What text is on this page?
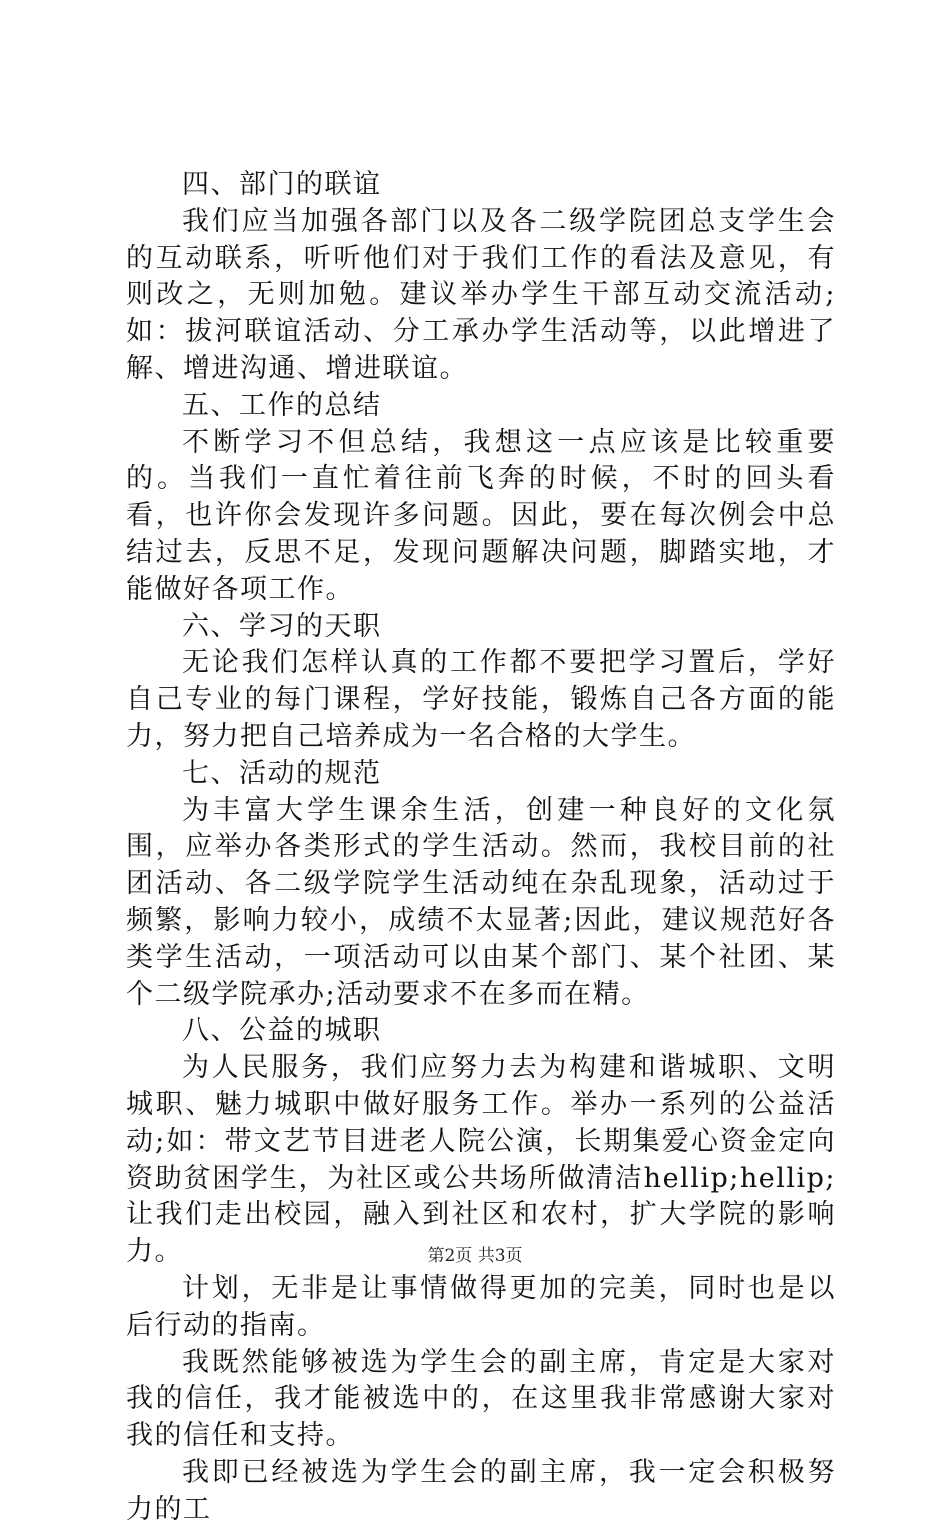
四、部门的联谊

我们应当加强各部门以及各二级学院团总支学生会的互动联系，听听他们对于我们工作的看法及意见，有则改之，无则加勉。建议举办学生干部互动交流活动;如：拔河联谊活动、分工承办学生活动等，以此增进了解、增进沟通、增进联谊。

五、工作的总结

不断学习不但总结，我想这一点应该是比较重要的。当我们一直忙着往前飞奔的时候，不时的回头看看，也许你会发现许多问题。因此，要在每次例会中总结过去，反思不足，发现问题解决问题，脚踏实地，才能做好各项工作。

六、学习的天职

无论我们怎样认真的工作都不要把学习置后，学好自己专业的每门课程，学好技能，锻炼自己各方面的能力，努力把自己培养成为一名合格的大学生。

七、活动的规范

为丰富大学生课余生活，创建一种良好的文化氛围，应举办各类形式的学生活动。然而，我校目前的社团活动、各二级学院学生活动纯在杂乱现象，活动过于频繁，影响力较小，成绩不太显著;因此，建议规范好各类学生活动，一项活动可以由某个部门、某个社团、某个二级学院承办;活动要求不在多而在精。

八、公益的城职

为人民服务，我们应努力去为构建和谐城职、文明城职、魅力城职中做好服务工作。举办一系列的公益活动;如：带文艺节目进老人院公演，长期集爱心资金定向资助贫困学生，为社区或公共场所做清洁hellip;hellip;让我们走出校园，融入到社区和农村，扩大学院的影响力。

计划，无非是让事情做得更加的完美，同时也是以后行动的指南。

我既然能够被选为学生会的副主席，肯定是大家对我的信任，我才能被选中的，在这里我非常感谢大家对我的信任和支持。

我即已经被选为学生会的副主席，我一定会积极努力的工

第2页 共3页
